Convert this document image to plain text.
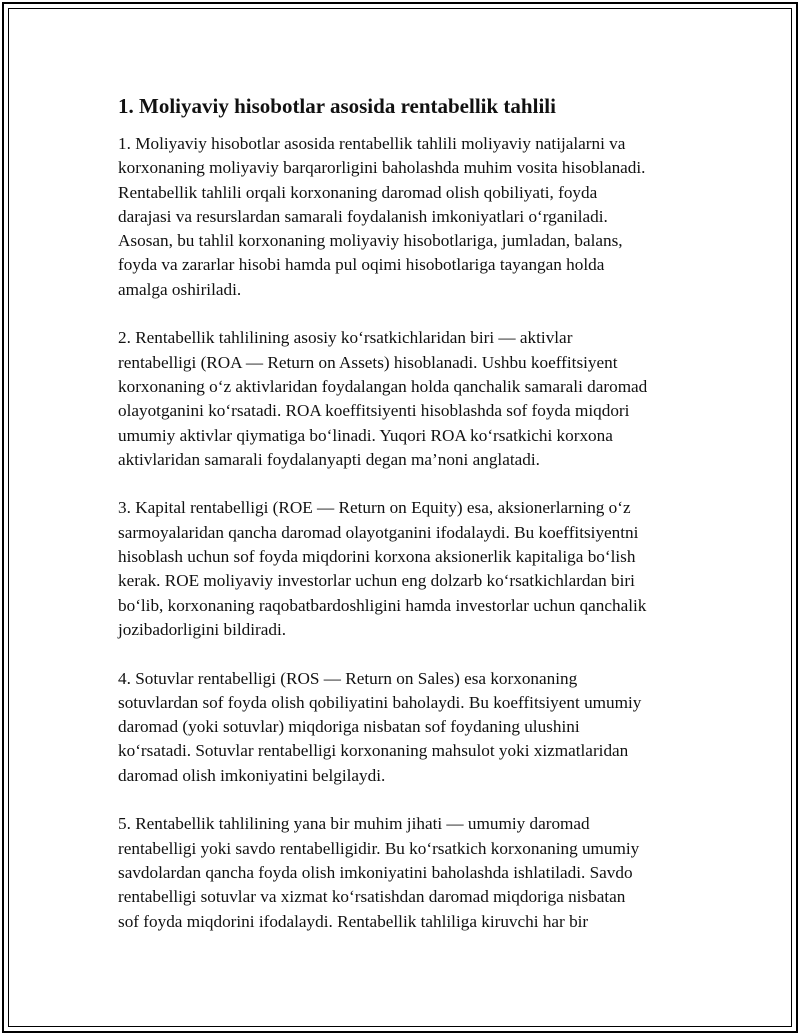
1. Moliyaviy hisobotlar asosida rentabellik tahlili

1. Moliyaviy hisobotlar asosida rentabellik tahlili moliyaviy natijalarni va
korxonaning moliyaviy barqarorligini baholashda muhim vosita hisoblanadi.
Rentabellik tahlili orqali korxonaning daromad olish qobiliyati, foyda
darajasi va resurslardan samarali foydalanish imkoniyatlari o‘rganiladi.
Asosan, bu tahlil korxonaning moliyaviy hisobotlariga, jumladan, balans,
foyda va zararlar hisobi hamda pul oqimi hisobotlariga tayangan holda
amalga oshiriladi.

2. Rentabellik tahlilining asosiy ko‘rsatkichlaridan biri — aktivlar
rentabelligi (ROA — Return on Assets) hisoblanadi. Ushbu koeffitsiyent
korxonaning o‘z aktivlaridan foydalangan holda qanchalik samarali daromad
olayotganini ko‘rsatadi. ROA koeffitsiyenti hisoblashda sof foyda miqdori
umumiy aktivlar qiymatiga bo‘linadi. Yuqori ROA ko‘rsatkichi korxona
aktivlaridan samarali foydalanyapti degan ma’noni anglatadi.

3. Kapital rentabelligi (ROE — Return on Equity) esa, aksionerlarning o‘z
sarmoyalaridan qancha daromad olayotganini ifodalaydi. Bu koeffitsiyentni
hisoblash uchun sof foyda miqdorini korxona aksionerlik kapitaliga bo‘lish
kerak. ROE moliyaviy investorlar uchun eng dolzarb ko‘rsatkichlardan biri
bo‘lib, korxonaning raqobatbardoshligini hamda investorlar uchun qanchalik
jozibadorligini bildiradi.

4. Sotuvlar rentabelligi (ROS — Return on Sales) esa korxonaning
sotuvlardan sof foyda olish qobiliyatini baholaydi. Bu koeffitsiyent umumiy
daromad (yoki sotuvlar) miqdoriga nisbatan sof foydaning ulushini
ko‘rsatadi. Sotuvlar rentabelligi korxonaning mahsulot yoki xizmatlaridan
daromad olish imkoniyatini belgilaydi.

5. Rentabellik tahlilining yana bir muhim jihati — umumiy daromad
rentabelligi yoki savdo rentabelligidir. Bu ko‘rsatkich korxonaning umumiy
savdolardan qancha foyda olish imkoniyatini baholashda ishlatiladi. Savdo
rentabelligi sotuvlar va xizmat ko‘rsatishdan daromad miqdoriga nisbatan
sof foyda miqdorini ifodalaydi. Rentabellik tahliliga kiruvchi har bir
